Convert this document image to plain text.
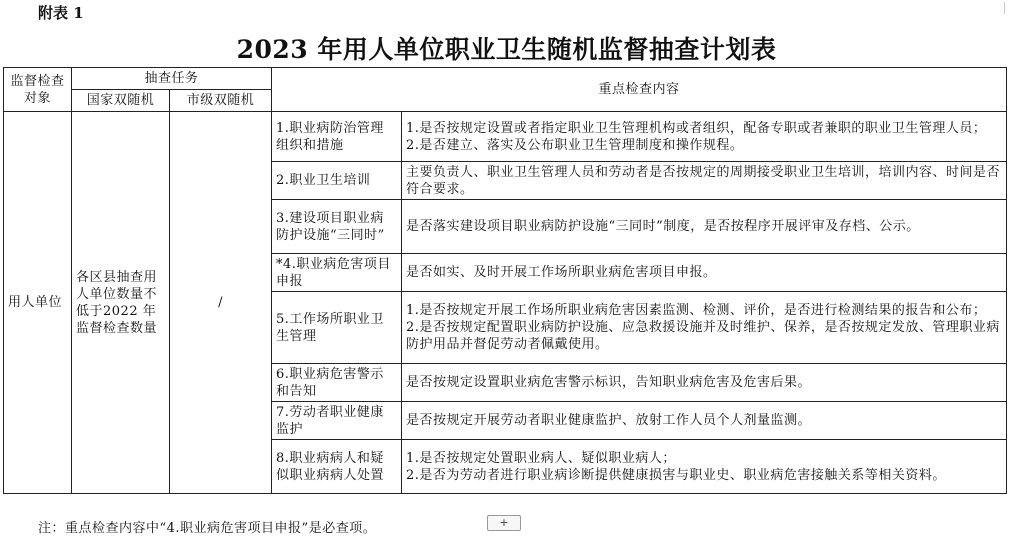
附表 1
2023 年用人单位职业卫生随机监督抽查计划表
监督检查对象	抽查任务		重点检查内容	
	国家双随机	市级双随机		
用人单位	各区县抽查用人单位数量不低于2022 年监督检查数量	/	1.职业病防治管理组织和措施	1.是否按规定设置或者指定职业卫生管理机构或者组织，配备专职或者兼职的职业卫生管理人员；
2.是否建立、落实及公布职业卫生管理制度和操作规程。
			2.职业卫生培训	主要负责人、职业卫生管理人员和劳动者是否按规定的周期接受职业卫生培训，培训内容、时间是否符合要求。
			3.建设项目职业病防护设施“三同时”	是否落实建设项目职业病防护设施“三同时”制度，是否按程序开展评审及存档、公示。
			*4.职业病危害项目申报	是否如实、及时开展工作场所职业病危害项目申报。
			5.工作场所职业卫生管理	1.是否按规定开展工作场所职业病危害因素监测、检测、评价，是否进行检测结果的报告和公布；
2.是否按规定配置职业病防护设施、应急救援设施并及时维护、保养，是否按规定发放、管理职业病防护用品并督促劳动者佩戴使用。
			6.职业病危害警示和告知	是否按规定设置职业病危害警示标识，告知职业病危害及危害后果。
			7.劳动者职业健康监护	是否按规定开展劳动者职业健康监护、放射工作人员个人剂量监测。
			8.职业病病人和疑似职业病病人处置	1.是否按规定处置职业病人、疑似职业病人；
2.是否为劳动者进行职业病诊断提供健康损害与职业史、职业病危害接触关系等相关资料。
注：重点检查内容中“4.职业病危害项目申报”是必查项。	+
